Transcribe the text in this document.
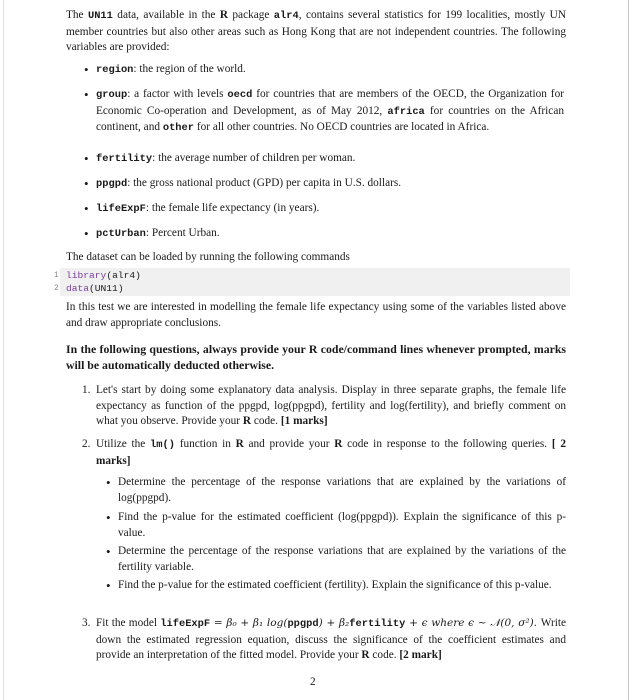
The UN11 data, available in the R package alr4, contains several statistics for 199 localities, mostly UN member countries but also other areas such as Hong Kong that are not independent countries. The following variables are provided:

• region: the region of the world.
• group: a factor with levels oecd for countries that are members of the OECD, the Organization for Economic Co-operation and Development, as of May 2012, africa for countries on the African continent, and other for all other countries. No OECD countries are located in Africa.
• fertility: the average number of children per woman.
• ppgpd: the gross national product (GPD) per capita in U.S. dollars.
• lifeExpF: the female life expectancy (in years).
• pctUrban: Percent Urban.

The dataset can be loaded by running the following commands

1 library(alr4)
2 data(UN11)

In this test we are interested in modelling the female life expectancy using some of the variables listed above and draw appropriate conclusions.

In the following questions, always provide your R code/command lines whenever prompted, marks will be automatically deducted otherwise.

1. Let's start by doing some explanatory data analysis. Display in three separate graphs, the female life expectancy as function of the ppgpd, log(ppgpd), fertility and log(fertility), and briefly comment on what you observe. Provide your R code. [1 marks]
2. Utilize the lm() function in R and provide your R code in response to the following queries. [ 2 marks]
• Determine the percentage of the response variations that are explained by the variations of log(ppgpd).
• Find the p-value for the estimated coefficient (log(ppgpd)). Explain the significance of this p-value.
• Determine the percentage of the response variations that are explained by the variations of the fertility variable.
• Find the p-value for the estimated coefficient (fertility). Explain the significance of this p-value.
3. Fit the model lifeExpF = β₀ + β₁ log(ppgpd) + β₂fertility + ϵ where ϵ ~ 𝒩(0, σ²). Write down the estimated regression equation, discuss the significance of the coefficient estimates and provide an interpretation of the fitted model. Provide your R code. [2 mark]
2
